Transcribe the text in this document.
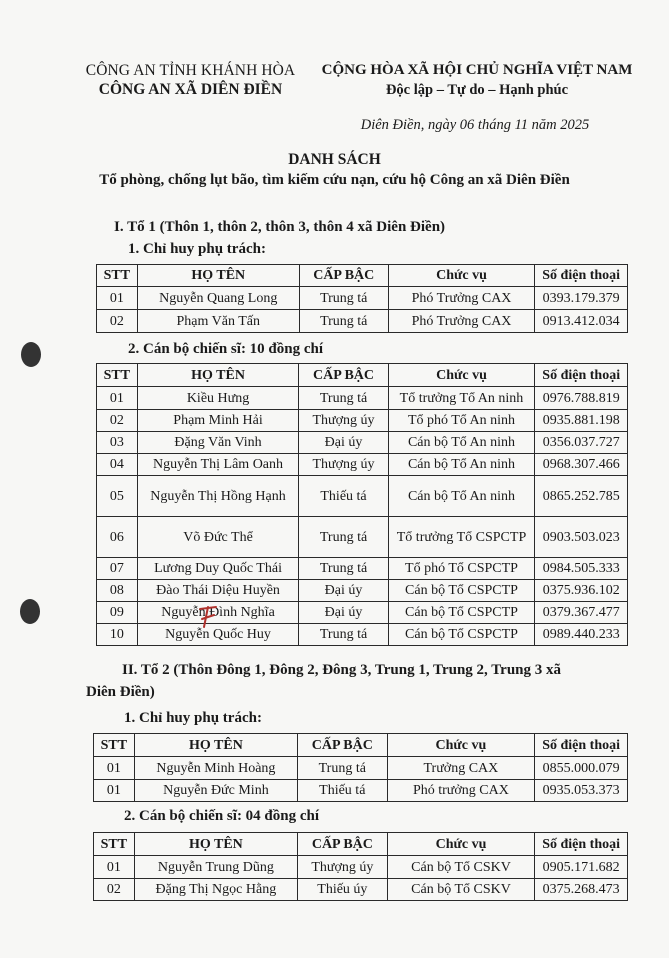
CÔNG AN TỈNH KHÁNH HÒA
CÔNG AN XÃ DIÊN ĐIỀN
CỘNG HÒA XÃ HỘI CHỦ NGHĨA VIỆT NAM
Độc lập – Tự do – Hạnh phúc
Diên Điền, ngày 06 tháng 11 năm 2025
DANH SÁCH
Tổ phòng, chống lụt bão, tìm kiếm cứu nạn, cứu hộ Công an xã Diên Điền
I. Tổ 1 (Thôn 1, thôn 2, thôn 3, thôn 4 xã Diên Điền)
1. Chỉ huy phụ trách:
STT	HỌ TÊN	CẤP BẬC	Chức vụ	Số điện thoại
01	Nguyễn Quang Long	Trung tá	Phó Trưởng CAX	0393.179.379
02	Phạm Văn Tấn	Trung tá	Phó Trưởng CAX	0913.412.034
2. Cán bộ chiến sĩ: 10 đồng chí
STT	HỌ TÊN	CẤP BẬC	Chức vụ	Số điện thoại
01	Kiều Hưng	Trung tá	Tổ trưởng Tổ An ninh	0976.788.819
02	Phạm Minh Hải	Thượng úy	Tổ phó Tổ An ninh	0935.881.198
03	Đặng Văn Vinh	Đại úy	Cán bộ Tổ An ninh	0356.037.727
04	Nguyễn Thị Lâm Oanh	Thượng úy	Cán bộ Tổ An ninh	0968.307.466
05	Nguyễn Thị Hồng Hạnh	Thiếu tá	Cán bộ Tổ An ninh	0865.252.785
06	Võ Đức Thể	Trung tá	Tổ trưởng Tổ CSPCTP	0903.503.023
07	Lương Duy Quốc Thái	Trung tá	Tổ phó Tổ CSPCTP	0984.505.333
08	Đào Thái Diệu Huyền	Đại úy	Cán bộ Tổ CSPCTP	0375.936.102
09	Nguyễn Đình Nghĩa	Đại úy	Cán bộ Tổ CSPCTP	0379.367.477
10	Nguyễn Quốc Huy	Trung tá	Cán bộ Tổ CSPCTP	0989.440.233
II. Tổ 2 (Thôn Đông 1, Đông 2, Đông 3, Trung 1, Trung 2, Trung 3 xã
Diên Điền)
1. Chỉ huy phụ trách:
STT	HỌ TÊN	CẤP BẬC	Chức vụ	Số điện thoại
01	Nguyễn Minh Hoàng	Trung tá	Trưởng CAX	0855.000.079
01	Nguyễn Đức Minh	Thiếu tá	Phó trưởng CAX	0935.053.373
2. Cán bộ chiến sĩ: 04 đồng chí
STT	HỌ TÊN	CẤP BẬC	Chức vụ	Số điện thoại
01	Nguyễn Trung Dũng	Thượng úy	Cán bộ Tổ CSKV	0905.171.682
02	Đặng Thị Ngọc Hằng	Thiếu úy	Cán bộ Tổ CSKV	0375.268.473
